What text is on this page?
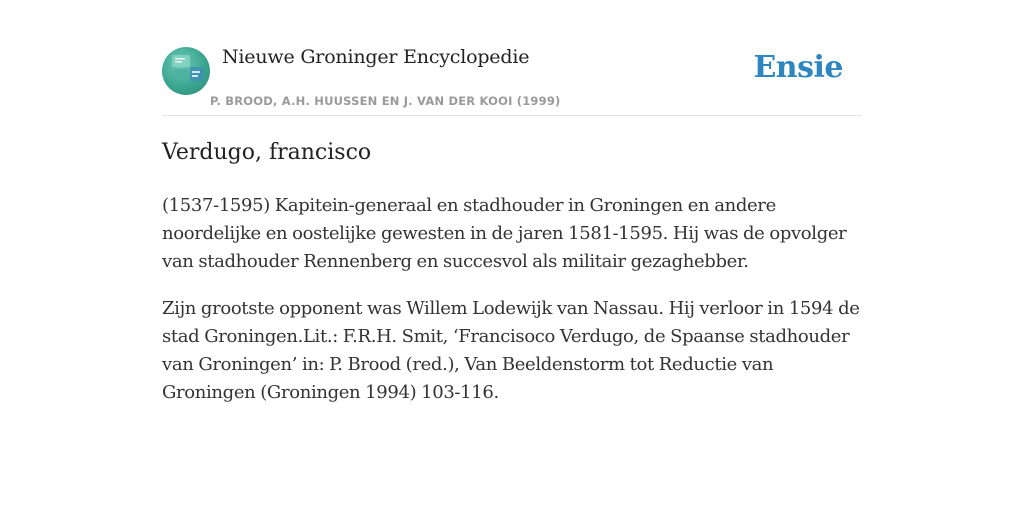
Nieuwe Groninger Encyclopedie
P. BROOD, A.H. HUUSSEN EN J. VAN DER KOOI (1999)
Ensie
Verdugo, francisco

(1537-1595) Kapitein-generaal en stadhouder in Groningen en andere noordelijke en oostelijke gewesten in de jaren 1581-1595. Hij was de opvolger van stadhouder Rennenberg en succesvol als militair gezaghebber.

Zijn grootste opponent was Willem Lodewijk van Nassau. Hij verloor in 1594 de stad Groningen.Lit.: F.R.H. Smit, ‘Francisoco Verdugo, de Spaanse stadhouder van Groningen’ in: P. Brood (red.), Van Beeldenstorm tot Reductie van Groningen (Groningen 1994) 103-116.
